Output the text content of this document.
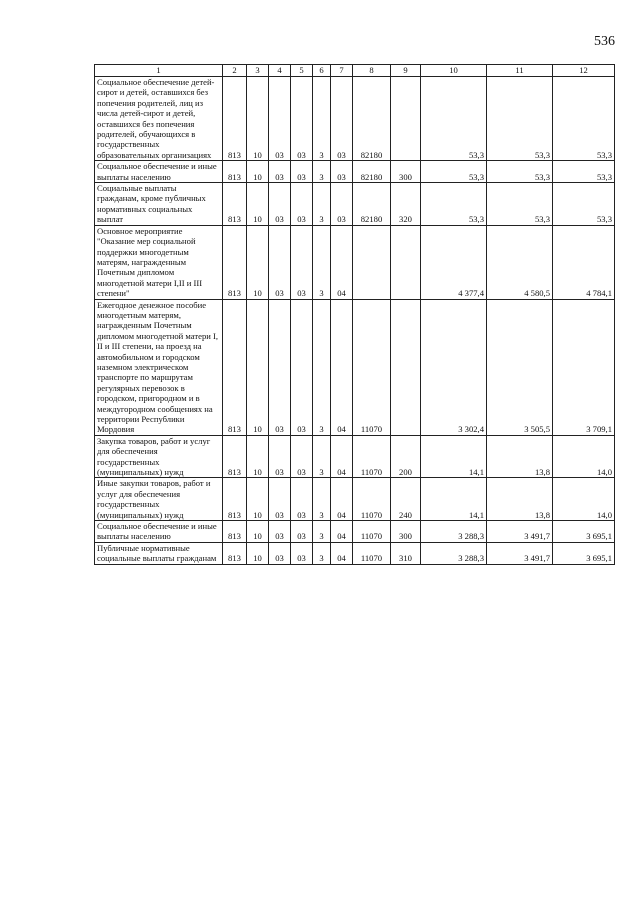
536
1	2	3	4	5	6	7	8	9	10	11	12
Социальное обеспечение детей-сирот и детей, оставшихся без попечения родителей, лиц из числа детей-сирот и детей, оставшихся без попечения родителей, обучающихся в государственных образовательных организациях	813	10	03	03	3	03	82180		53,3	53,3	53,3
Социальное обеспечение и иные выплаты населению	813	10	03	03	3	03	82180	300	53,3	53,3	53,3
Социальные выплаты гражданам, кроме публичных нормативных социальных выплат	813	10	03	03	3	03	82180	320	53,3	53,3	53,3
Основное мероприятие "Оказание мер социальной поддержки многодетным матерям, награжденным Почетным дипломом многодетной матери I,II и III степени"	813	10	03	03	3	04			4 377,4	4 580,5	4 784,1
Ежегодное денежное пособие многодетным матерям, награжденным Почетным дипломом многодетной матери I, II и III степени, на проезд на автомобильном и городском наземном электрическом транспорте по маршрутам регулярных перевозок в городском, пригородном и в междугородном сообщениях на территории Республики Мордовия	813	10	03	03	3	04	11070		3 302,4	3 505,5	3 709,1
Закупка товаров, работ и услуг для обеспечения государственных (муниципальных) нужд	813	10	03	03	3	04	11070	200	14,1	13,8	14,0
Иные закупки товаров, работ и услуг для обеспечения государственных (муниципальных) нужд	813	10	03	03	3	04	11070	240	14,1	13,8	14,0
Социальное обеспечение и иные выплаты населению	813	10	03	03	3	04	11070	300	3 288,3	3 491,7	3 695,1
Публичные нормативные социальные выплаты гражданам	813	10	03	03	3	04	11070	310	3 288,3	3 491,7	3 695,1
